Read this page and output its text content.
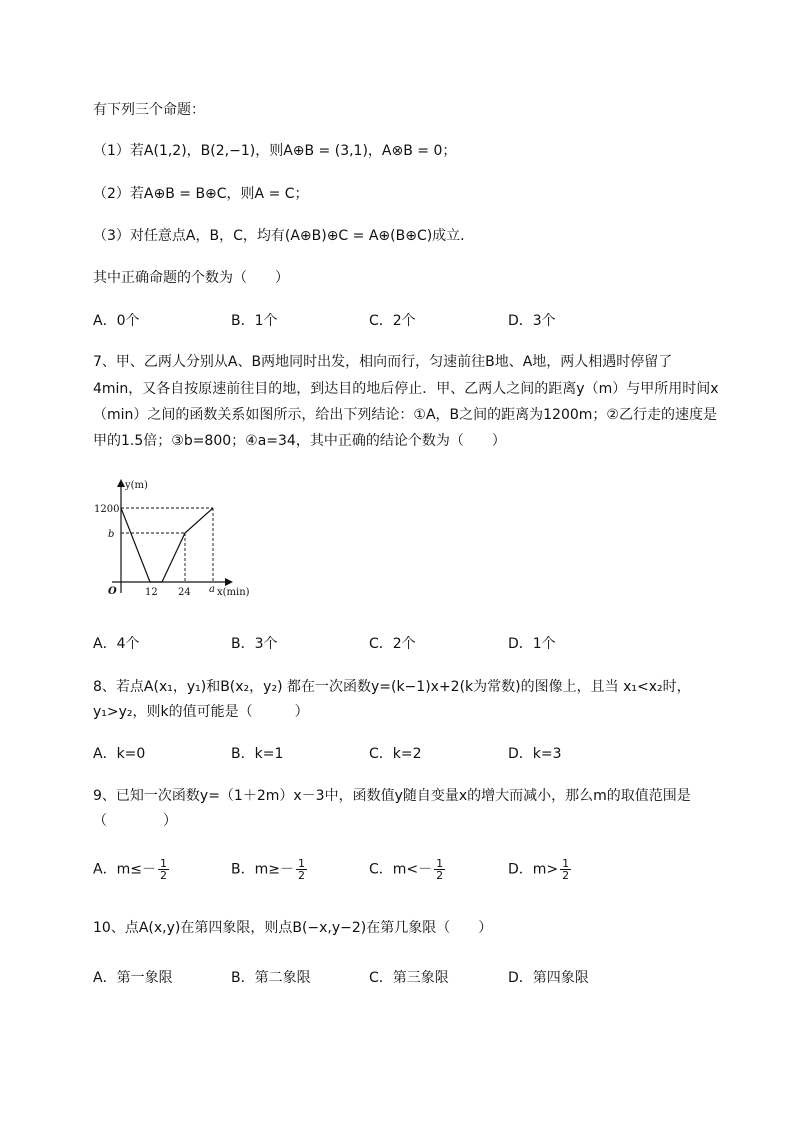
有下列三个命题：
（1）若A(1,2)，B(2,−1)，则A⊕B = (3,1)，A⊗B = 0；
（2）若A⊕B = B⊕C，则A = C；
（3）对任意点A，B，C，均有(A⊕B)⊕C = A⊕(B⊕C)成立．
其中正确命题的个数为（　　）
A．0个	B．1个	C．2个	D．3个
7、甲、乙两人分别从A、B两地同时出发，相向而行，匀速前往B地、A地，两人相遇时停留了
4min，又各自按原速前往目的地，到达目的地后停止．甲、乙两人之间的距离y（m）与甲所用时间x
（min）之间的函数关系如图所示，给出下列结论：①A，B之间的距离为1200m；②乙行走的速度是
甲的1.5倍；③b=800；④a=34，其中正确的结论个数为（　　）
y(m)
1200
b
O	12 24 a x(min)
A．4个	B．3个	C．2个	D．1个
8、若点A(x₁，y₁)和B(x₂，y₂) 都在一次函数y=(k−1)x+2(k为常数)的图像上，且当 x₁<x₂时，
y₁>y₂，则k的值可能是（　　　）
A．k=0	B．k=1	C．k=2	D．k=3
9、已知一次函数y=（1＋2m）x－3中，函数值y随自变量x的增大而减小，那么m的取值范围是
（　　　　）
A．$m\le- \frac{1}{2}$	B．$m\ge- \frac{1}{2}$	C．$m<- \frac{1}{2}$	D．$m> \frac{1}{2}$
10、点A(x,y)在第四象限，则点B(−x,y−2)在第几象限（　　）
A．第一象限	B．第二象限	C．第三象限	D．第四象限
